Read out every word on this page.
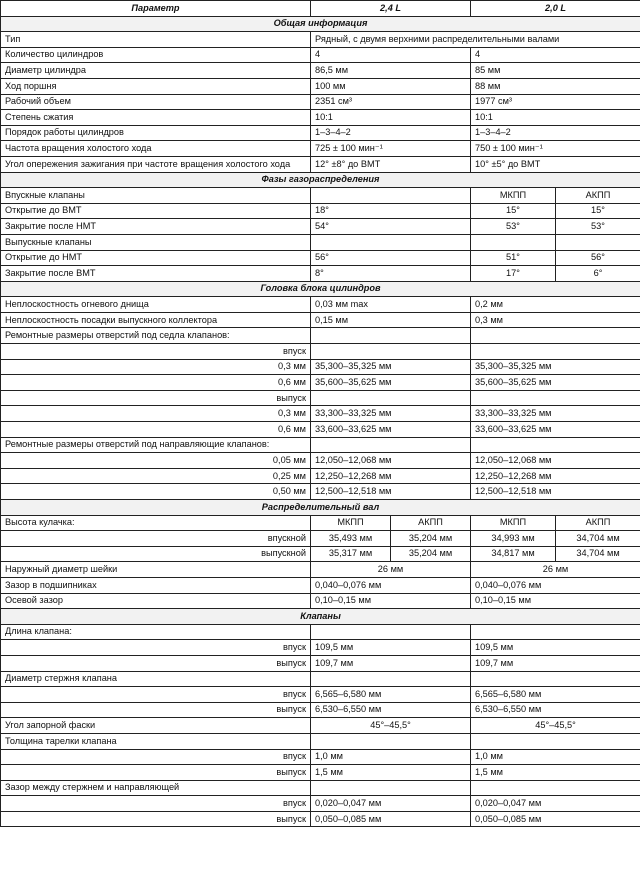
Параметр	2,4 L		2,0 L	
Общая информация				
Тип	Рядный, с двумя верхними распределительными валами			
Количество цилиндров	4		4	
Диаметр цилиндра	86,5 мм		85 мм	
Ход поршня	100 мм		88 мм	
Рабочий объем	2351 см³		1977 см³	
Степень сжатия	10:1		10:1	
Порядок работы цилиндров	1–3–4–2		1–3–4–2	
Частота вращения холостого хода	725 ± 100 мин⁻¹		750 ± 100 мин⁻¹	
Угол опережения зажигания при частоте вращения холостого хода	12° ±8° до ВМТ		10° ±5° до ВМТ	
Фазы газораспределения				
Впускные клапаны			МКПП	АКПП
Открытие до ВМТ	18°		15°	15°
Закрытие после НМТ	54°		53°	53°
Выпускные клапаны				
Открытие до НМТ	56°		51°	56°
Закрытие после ВМТ	8°		17°	6°
Головка блока цилиндров				
Неплоскостность огневого днища	0,03 мм max		0,2 мм	
Неплоскостность посадки выпускного коллектора	0,15 мм		0,3 мм	
Ремонтные размеры отверстий под седла клапанов:				
впуск				
0,3 мм	35,300–35,325 мм		35,300–35,325 мм	
0,6 мм	35,600–35,625 мм		35,600–35,625 мм	
выпуск				
0,3 мм	33,300–33,325 мм		33,300–33,325 мм	
0,6 мм	33,600–33,625 мм		33,600–33,625 мм	
Ремонтные размеры отверстий под направляющие клапанов:				
0,05 мм	12,050–12,068 мм		12,050–12,068 мм	
0,25 мм	12,250–12,268 мм		12,250–12,268 мм	
0,50 мм	12,500–12,518 мм		12,500–12,518 мм	
Распределительный вал				
Высота кулачка:	МКПП	АКПП	МКПП	АКПП
впускной	35,493 мм	35,204 мм	34,993 мм	34,704 мм
выпускной	35,317 мм	35,204 мм	34,817 мм	34,704 мм
Наружный диаметр шейки	26 мм		26 мм	
Зазор в подшипниках	0,040–0,076 мм		0,040–0,076 мм	
Осевой зазор	0,10–0,15 мм		0,10–0,15 мм	
Клапаны				
Длина клапана:				
впуск	109,5 мм		109,5 мм	
выпуск	109,7 мм		109,7 мм	
Диаметр стержня клапана				
впуск	6,565–6,580 мм		6,565–6,580 мм	
выпуск	6,530–6,550 мм		6,530–6,550 мм	
Угол запорной фаски	45°–45,5°		45°–45,5°	
Толщина тарелки клапана				
впуск	1,0 мм		1,0 мм	
выпуск	1,5 мм		1,5 мм	
Зазор между стержнем и направляющей				
впуск	0,020–0,047 мм		0,020–0,047 мм	
выпуск	0,050–0,085 мм		0,050–0,085 мм	
